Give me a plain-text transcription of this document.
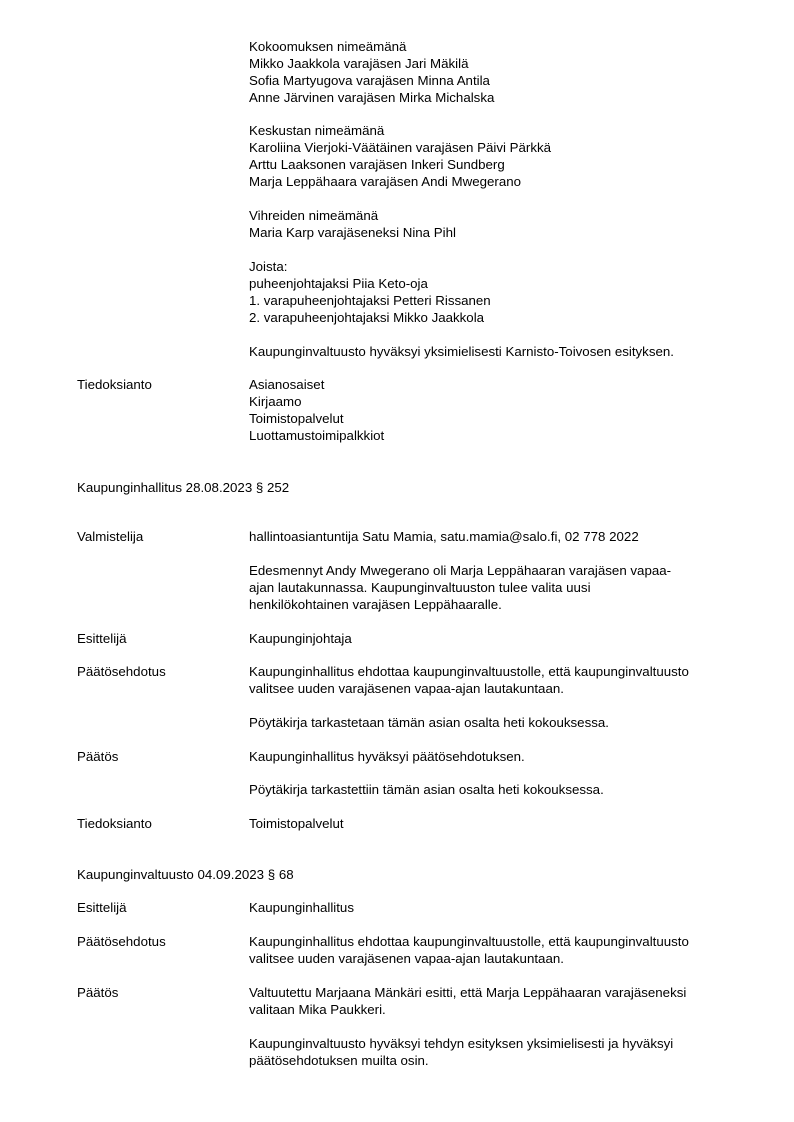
Kokoomuksen nimeämänä
Mikko Jaakkola varajäsen Jari Mäkilä
Sofia Martyugova varajäsen Minna Antila
Anne Järvinen varajäsen Mirka Michalska
Keskustan nimeämänä
Karoliina Vierjoki-Väätäinen varajäsen Päivi Pärkkä
Arttu Laaksonen varajäsen Inkeri Sundberg
Marja Leppähaara varajäsen Andi Mwegerano
Vihreiden nimeämänä
Maria Karp varajäseneksi Nina Pihl
Joista:
puheenjohtajaksi Piia Keto-oja
1. varapuheenjohtajaksi Petteri Rissanen
2. varapuheenjohtajaksi Mikko Jaakkola
Kaupunginvaltuusto hyväksyi yksimielisesti Karnisto-Toivosen esityksen.
Tiedoksianto	Asianosaiset
Kirjaamo
Toimistopalvelut
Luottamustoimipalkkiot
Kaupunginhallitus 28.08.2023 § 252
Valmistelija	hallintoasiantuntija Satu Mamia, satu.mamia@salo.fi, 02 778 2022
Edesmennyt Andy Mwegerano oli Marja Leppähaaran varajäsen vapaa-
ajan lautakunnassa. Kaupunginvaltuuston tulee valita uusi
henkilökohtainen varajäsen Leppähaaralle.
Esittelijä	Kaupunginjohtaja
Päätösehdotus	Kaupunginhallitus ehdottaa kaupunginvaltuustolle, että kaupunginvaltuusto
valitsee uuden varajäsenen vapaa-ajan lautakuntaan.
Pöytäkirja tarkastetaan tämän asian osalta heti kokouksessa.
Päätös	Kaupunginhallitus hyväksyi päätösehdotuksen.
Pöytäkirja tarkastettiin tämän asian osalta heti kokouksessa.
Tiedoksianto	Toimistopalvelut
Kaupunginvaltuusto 04.09.2023 § 68
Esittelijä	Kaupunginhallitus
Päätösehdotus	Kaupunginhallitus ehdottaa kaupunginvaltuustolle, että kaupunginvaltuusto
valitsee uuden varajäsenen vapaa-ajan lautakuntaan.
Päätös	Valtuutettu Marjaana Mänkäri esitti, että Marja Leppähaaran varajäseneksi
valitaan Mika Paukkeri.
Kaupunginvaltuusto hyväksyi tehdyn esityksen yksimielisesti ja hyväksyi
päätösehdotuksen muilta osin.
